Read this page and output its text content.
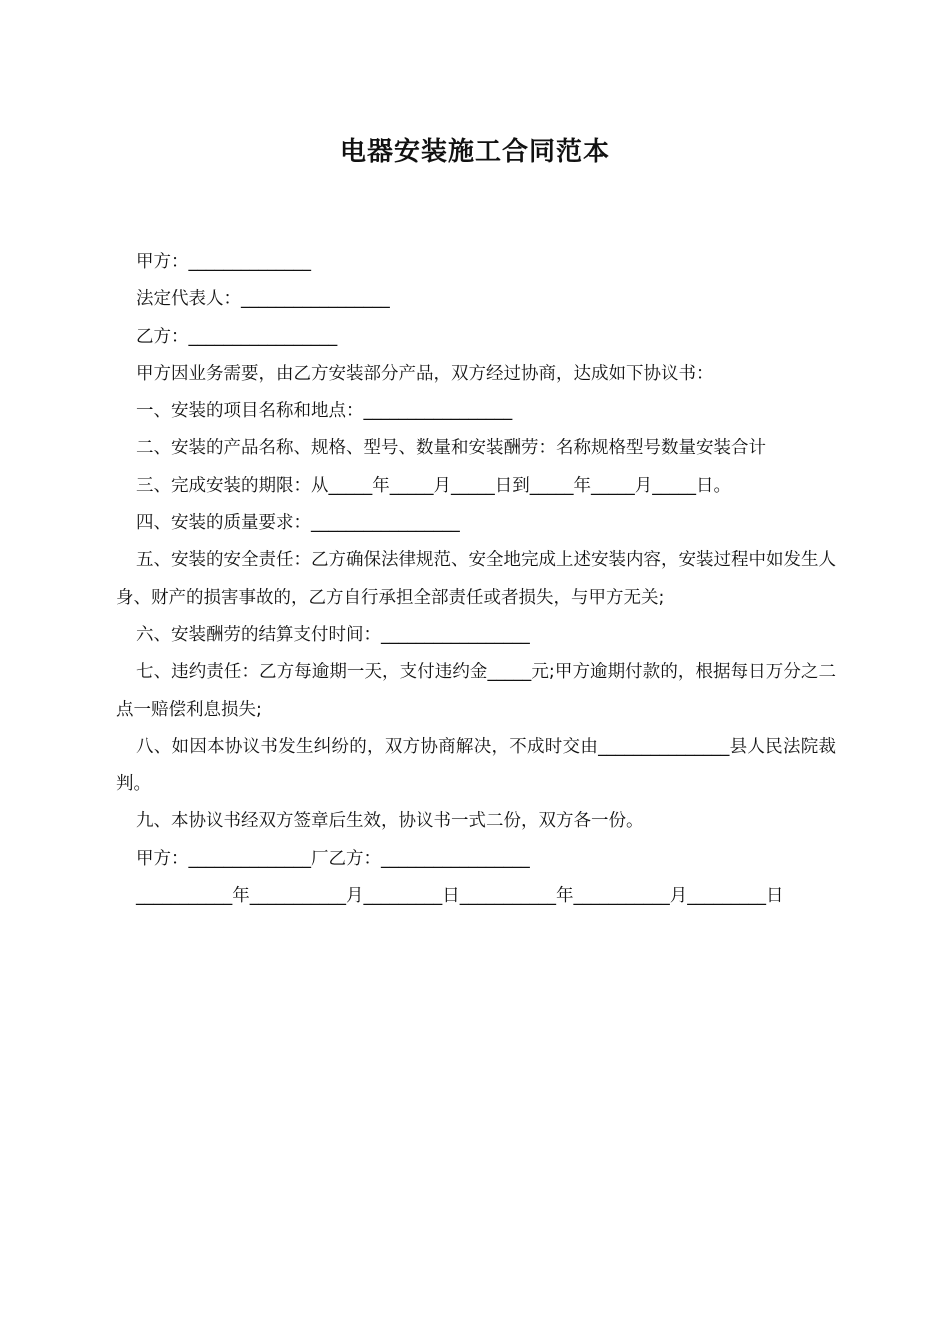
电器安装施工合同范本

甲方：______________

法定代表人：_________________

乙方：_________________

甲方因业务需要，由乙方安装部分产品，双方经过协商，达成如下协议书：

一、安装的项目名称和地点：_________________

二、安装的产品名称、规格、型号、数量和安装酬劳：名称规格型号数量安装合计

三、完成安装的期限：从_____年_____月_____日到_____年_____月_____日。

四、安装的质量要求：_________________

五、安装的安全责任：乙方确保法律规范、安全地完成上述安装内容，安装过程中如发生人身、财产的损害事故的，乙方自行承担全部责任或者损失，与甲方无关;

六、安装酬劳的结算支付时间：_________________

七、违约责任：乙方每逾期一天，支付违约金_____元;甲方逾期付款的，根据每日万分之二点一赔偿利息损失;

八、如因本协议书发生纠纷的，双方协商解决，不成时交由_______________县人民法院裁判。

九、本协议书经双方签章后生效，协议书一式二份，双方各一份。

甲方：______________厂乙方：_________________

___________年___________月_________日___________年___________月_________日
